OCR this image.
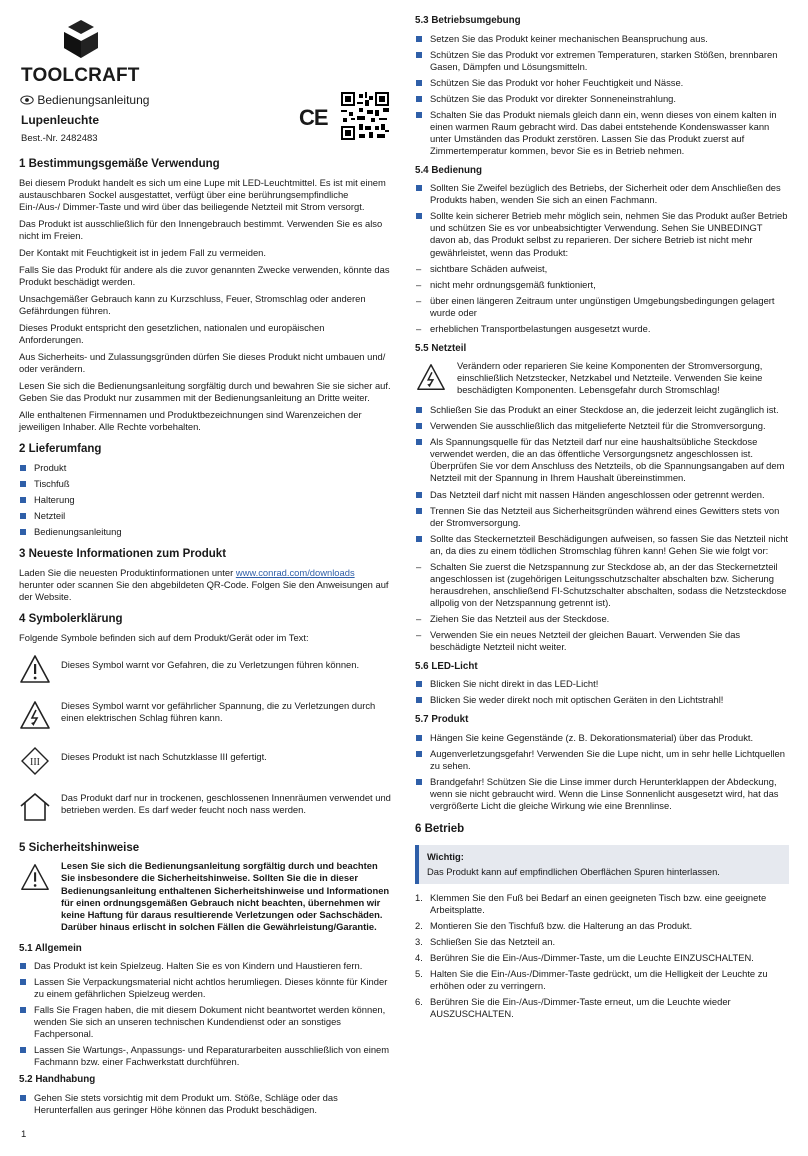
TOOLCRAFT
Bedienungsanleitung
Lupenleuchte
Best.-Nr. 2482483
CE
1 Bestimmungsgemäße Verwendung

Bei diesem Produkt handelt es sich um eine Lupe mit LED-Leuchtmittel. Es ist mit einem austauschbaren Sockel ausgestattet, verfügt über eine berührungsempfindliche Ein-/Aus-/ Dimmer-Taste und wird über das beiliegende Netzteil mit Strom versorgt.

Das Produkt ist ausschließlich für den Innengebrauch bestimmt. Verwenden Sie es also nicht im Freien.

Der Kontakt mit Feuchtigkeit ist in jedem Fall zu vermeiden.

Falls Sie das Produkt für andere als die zuvor genannten Zwecke verwenden, könnte das Produkt beschädigt werden.

Unsachgemäßer Gebrauch kann zu Kurzschluss, Feuer, Stromschlag oder anderen Gefährdungen führen.

Dieses Produkt entspricht den gesetzlichen, nationalen und europäischen Anforderungen.

Aus Sicherheits- und Zulassungsgründen dürfen Sie dieses Produkt nicht umbauen und/ oder verändern.

Lesen Sie sich die Bedienungsanleitung sorgfältig durch und bewahren Sie sie sicher auf. Geben Sie das Produkt nur zusammen mit der Bedienungsanleitung an Dritte weiter.

Alle enthaltenen Firmennamen und Produktbezeichnungen sind Warenzeichen der jeweiligen Inhaber. Alle Rechte vorbehalten.

2 Lieferumfang
Produkt
Tischfuß
Halterung
Netzteil
Bedienungsanleitung
3 Neueste Informationen zum Produkt

Laden Sie die neuesten Produktinformationen unter www.conrad.com/downloads herunter oder scannen Sie den abgebildeten QR-Code. Folgen Sie den Anweisungen auf der Website.

4 Symbolerklärung

Folgende Symbole befinden sich auf dem Produkt/Gerät oder im Text:

Dieses Symbol warnt vor Gefahren, die zu Verletzungen führen können.
Dieses Symbol warnt vor gefährlicher Spannung, die zu Verletzungen durch einen elektrischen Schlag führen kann.
III
Dieses Produkt ist nach Schutzklasse III gefertigt.
Das Produkt darf nur in trockenen, geschlossenen Innenräumen verwendet und betrieben werden. Es darf weder feucht noch nass werden.
5 Sicherheitshinweise
Lesen Sie sich die Bedienungsanleitung sorgfältig durch und beachten Sie insbesondere die Sicherheitshinweise. Sollten Sie die in dieser Bedienungsanleitung enthaltenen Sicherheitshinweise und Informationen für einen ordnungsgemäßen Gebrauch nicht beachten, übernehmen wir keine Haftung für daraus resultierende Verletzungen oder Sachschäden. Darüber hinaus erlischt in solchen Fällen die Gewährleistung/Garantie.
5.1 Allgemein
Das Produkt ist kein Spielzeug. Halten Sie es von Kindern und Haustieren fern.
Lassen Sie Verpackungsmaterial nicht achtlos herumliegen. Dieses könnte für Kinder zu einem gefährlichen Spielzeug werden.
Falls Sie Fragen haben, die mit diesem Dokument nicht beantwortet werden können, wenden Sie sich an unseren technischen Kundendienst oder an sonstiges Fachpersonal.
Lassen Sie Wartungs-, Anpassungs- und Reparaturarbeiten ausschließlich von einem Fachmann bzw. einer Fachwerkstatt durchführen.
5.2 Handhabung
Gehen Sie stets vorsichtig mit dem Produkt um. Stöße, Schläge oder das Herunterfallen aus geringer Höhe können das Produkt beschädigen.
1
5.3 Betriebsumgebung
Setzen Sie das Produkt keiner mechanischen Beanspruchung aus.
Schützen Sie das Produkt vor extremen Temperaturen, starken Stößen, brennbaren Gasen, Dämpfen und Lösungsmitteln.
Schützen Sie das Produkt vor hoher Feuchtigkeit und Nässe.
Schützen Sie das Produkt vor direkter Sonneneinstrahlung.
Schalten Sie das Produkt niemals gleich dann ein, wenn dieses von einem kalten in einen warmen Raum gebracht wird. Das dabei entstehende Kondenswasser kann unter Umständen das Produkt zerstören. Lassen Sie das Produkt zuerst auf Zimmertemperatur kommen, bevor Sie es in Betrieb nehmen.
5.4 Bedienung
Sollten Sie Zweifel bezüglich des Betriebs, der Sicherheit oder dem Anschließen des Produkts haben, wenden Sie sich an einen Fachmann.
Sollte kein sicherer Betrieb mehr möglich sein, nehmen Sie das Produkt außer Betrieb und schützen Sie es vor unbeabsichtigter Verwendung. Sehen Sie UNBEDINGT davon ab, das Produkt selbst zu reparieren. Der sichere Betrieb ist nicht mehr gewährleistet, wenn das Produkt:
– sichtbare Schäden aufweist,
– nicht mehr ordnungsgemäß funktioniert,
– über einen längeren Zeitraum unter ungünstigen Umgebungsbedingungen gelagert wurde oder
– erheblichen Transportbelastungen ausgesetzt wurde.
5.5 Netzteil
Verändern oder reparieren Sie keine Komponenten der Stromversorgung, einschließlich Netzstecker, Netzkabel und Netzteile. Verwenden Sie keine beschädigten Komponenten. Lebensgefahr durch Stromschlag!
Schließen Sie das Produkt an einer Steckdose an, die jederzeit leicht zugänglich ist.
Verwenden Sie ausschließlich das mitgelieferte Netzteil für die Stromversorgung.
Als Spannungsquelle für das Netzteil darf nur eine haushaltsübliche Steckdose verwendet werden, die an das öffentliche Versorgungsnetz angeschlossen ist. Überprüfen Sie vor dem Anschluss des Netzteils, ob die Spannungsangaben auf dem Netzteil mit der Spannung in Ihrem Haushalt übereinstimmen.
Das Netzteil darf nicht mit nassen Händen angeschlossen oder getrennt werden.
Trennen Sie das Netzteil aus Sicherheitsgründen während eines Gewitters stets von der Stromversorgung.
Sollte das Steckernetzteil Beschädigungen aufweisen, so fassen Sie das Netzteil nicht an, da dies zu einem tödlichen Stromschlag führen kann! Gehen Sie wie folgt vor:
– Schalten Sie zuerst die Netzspannung zur Steckdose ab, an der das Steckernetzteil angeschlossen ist (zugehörigen Leitungsschutzschalter abschalten bzw. Sicherung herausdrehen, anschließend FI-Schutzschalter abschalten, sodass die Netzsteckdose allpolig von der Netzspannung getrennt ist).
– Ziehen Sie das Netzteil aus der Steckdose.
– Verwenden Sie ein neues Netzteil der gleichen Bauart. Verwenden Sie das beschädigte Netzteil nicht weiter.
5.6 LED-Licht
Blicken Sie nicht direkt in das LED-Licht!
Blicken Sie weder direkt noch mit optischen Geräten in den Lichtstrahl!
5.7 Produkt
Hängen Sie keine Gegenstände (z. B. Dekorationsmaterial) über das Produkt.
Augenverletzungsgefahr! Verwenden Sie die Lupe nicht, um in sehr helle Lichtquellen zu sehen.
Brandgefahr! Schützen Sie die Linse immer durch Herunterklappen der Abdeckung, wenn sie nicht gebraucht wird. Wenn die Linse Sonnenlicht ausgesetzt wird, hat das vergrößerte Licht die gleiche Wirkung wie eine Brennlinse.
6 Betrieb
Wichtig:
Das Produkt kann auf empfindlichen Oberflächen Spuren hinterlassen.
1. Klemmen Sie den Fuß bei Bedarf an einen geeigneten Tisch bzw. eine geeignete Arbeitsplatte.
2. Montieren Sie den Tischfuß bzw. die Halterung an das Produkt.
3. Schließen Sie das Netzteil an.
4. Berühren Sie die Ein-/Aus-/Dimmer-Taste, um die Leuchte EINZUSCHALTEN.
5. Halten Sie die Ein-/Aus-/Dimmer-Taste gedrückt, um die Helligkeit der Leuchte zu erhöhen oder zu verringern.
6. Berühren Sie die Ein-/Aus-/Dimmer-Taste erneut, um die Leuchte wieder AUSZUSCHALTEN.
